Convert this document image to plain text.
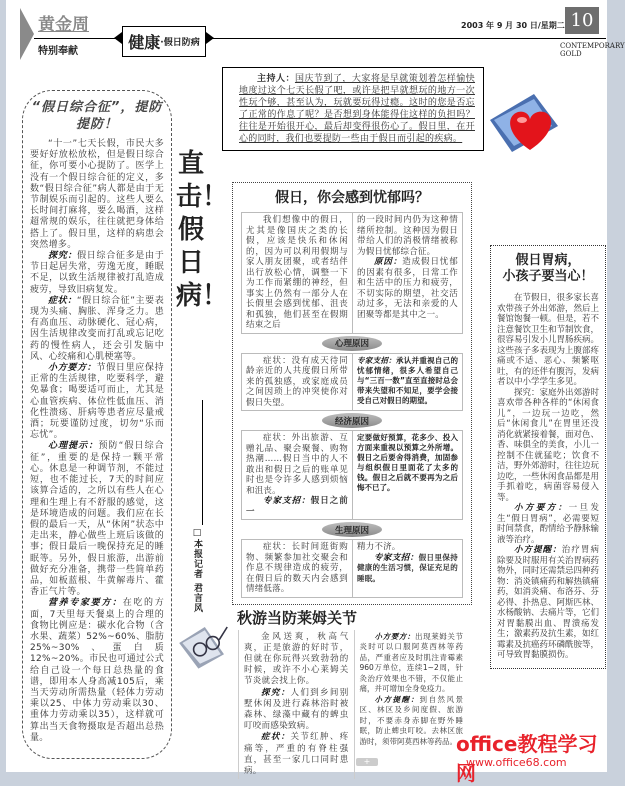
黄金周
特别奉献	健康 ·假日防病
2003 年 9 月 30 日/星期二 10
CONTEMPORARY
GOLD

主持人：国庆节到了，大家将是早就策划着怎样愉快地度过这个七天长假了吧，或许是把早就想玩的地方一次性玩个够，甚至认为，玩就要玩得过瘾。这时的您是否忘了正常的作息了呢？是否想到身体能得住这样的负担吗？往往是开始很开心，最后却变得很伤心了。假日里，在开心的同时，我们也要提防一些由于假日而引起的疾病。

“假日综合征”，提防提防！

“十一”七天长假，市民大多要好好放松放松，但是假日综合征，你可要小心提防了。医学上没有一个假日综合征的定义，多数“假日综合征”病人都是由于无节制娱乐而引起的。这些人要么长时间打麻将，要么喝酒，这样超常规的娱乐，往往就把身体给搭上了。假日里，这样的病患会突然增多。

探究：假日综合征多是由于节日起居失常，劳逸无度，睡眠不足，以致生活规律被打乱造成疲劳，导致旧病复发。

症状：“假日综合征”主要表现为头痛、胸胀、浑身乏力。患有高血压、动脉硬化、冠心病，因生活规律改变而打乱或忘记吃药的慢性病人，还会引发脑中风、心绞痛和心肌梗塞等。

小方要方：节假日里应保持正常的生活规律，吃要科学，避免暴食；喝要适可而止，尤其是心血管疾病、体位性低血压、消化性溃疡、肝病等患者应尽量戒酒；玩要谨防过度，切勿“乐而忘忧”。

心理提示：预防“假日综合征”，重要的是保持一颗平常心。休息是一种调节剂，不能过短，也不能过长，7天的时间应该算合适的，之所以有些人在心理和生理上有不舒服的感觉，这是环境造成的问题。我们应在长假的最后一天，从“休闲”状态中走出来，静心做些上班后该做的事；假日最后一晚保持充足的睡眠等。另外，假日旅游，出游前做好充分准备，携带一些简单药品，如板蓝根、牛黄解毒片、藿香正气片等。

营养专家要方：在吃的方面，7天里每天餐桌上的合理的食物比例应是：碳水化合物（含水果、蔬菜）52%~60%、脂肪25%~30%、蛋白质12%~20%。市民也可通过公式给自己设一个每日总热量的食谱，即用本人身高减105后，乘当天劳动所需热量（轻体力劳动乘以25、中体力劳动乘以30、重体力劳动乘以35），这样就可算出当天食物摄取是否超出总热量。

直击！假日病！
□本报记者 君言风
假日，你会感到忧郁吗？
我们想像中的假日，尤其是像国庆之类的长假，应该是快乐和休闲的，因为可以利用假期与家人朋友团聚，或者结伴出行放松心情，调整一下为工作而紧绷的神经，但事实上仍然有一部分人在长假里会感到忧郁、沮丧和孤独，他们甚至在假期结束之后
的一段时间内仍为这种情绪所控制。这种因为假日带给人们的消极情绪被称为假日忧郁综合征。
原因：造成假日忧郁的因素有很多，日常工作和生活中的压力和疲劳，不切实际的期望，社交活动过多，无法和亲爱的人团聚等都是其中之一。
心理原因
症状：没有成天待同龄亲近的人共度假日所带来的孤独感，或家庭成员之间因琐上的冲突使你对假日失望。
专家支招：承认并重视自己的忧郁情绪，很多人希望自己与“三百一数”直至直接时总会带来失望和不知足，要学会接受自己对假日的期望。
经济原因
症状：外出旅游、互赠礼品、聚会聚餐、购物热潮……假日当中的人不敢出和假日之后的账单见时也是令许多人感到烦恼和沮丧。
专家支招：假日之前一
定要做好预算，花多少、投入方面来重视以预算之外所增。假日之后要舍得消费，加固参与组织假日里面花了太多的钱。假日之后就不要再为之后悔不已了。
生理原因
症状：长时间逛街购物、频繁参加社交聚会和作息不规律造成的疲劳，在假日后的数天内会感到情绪低落。
精力不济。
专家支招：假日里保持健康的生活习惯，保证充足的睡眠。
秋游当防莱姆关节

金风送爽，秋高气爽，正是旅游的好时节，但就在你玩得兴致勃勃的时候，或许不小心莱姆关节炎就会找上你。

探究：人们到乡间别墅休闲及进行森林浴时被森林、绿藻中藏有的蜱虫叮咬而感染致病。

症状：关节红肿、疼痛等，严重的有脊柱强直，甚至一家几口同时患病。

小方要方：出现莱姆关节炎时可以口服阿莫西林等药品，严重者应及时肌注青霉素960万单位，连续1~2周，针灸治疗效果也不错，不仅能止痛，并可增加全身免疫力。

小方提醒：到自然风景区、林区及乡间度假、旅游时，不要赤身赤脚在野外睡眠，防止蜱虫叮咬。去林区旅游时，须带阿莫西林等药品。

假日胃病，
小孩子要当心！

在节假日，很多家长喜欢带孩子外出郊游，然后上餐馆饱餐一顿。但是，若不注意餐饮卫生和节制饮食，很容易引发小儿胃肠疾病。这些孩子多表现为上腹部疼痛或不适、恶心、频繁呕吐，有的还伴有腹泻，发病者以中小学学生多见。

探究：家庭外出郊游时喜欢带各种各样的“休闲食儿”，一边玩一边吃，然后“休闲食儿”在胃里还没消化就紧接着餐，面对色、香、味俱全的美食，小儿一控制不住就猛吃；饮食不洁，野外郊游时，往往边玩边吃，一些休闲食品都是用手抓着吃，病菌容易侵入等。

小方要方：一旦发生“假日胃病”，必需要短时间禁食，酌情给予静脉输液等治疗。

小方提醒：治疗胃病除要及时服用有关治胃病药物外，同时还需禁忌四种药物：消炎镇痛药和解热镇痛药，如消炎痛、布洛芬、芬必得、扑热息、阿斯匹林、水杨酸钠、去痛片等，它们对胃黏膜出血、胃溃疡发生；激素药及抗生素，如红霉素及抗癌药环磷酰胺等，可导致胃黏膜损伤。

+
office教程学习网
www.office68.com
